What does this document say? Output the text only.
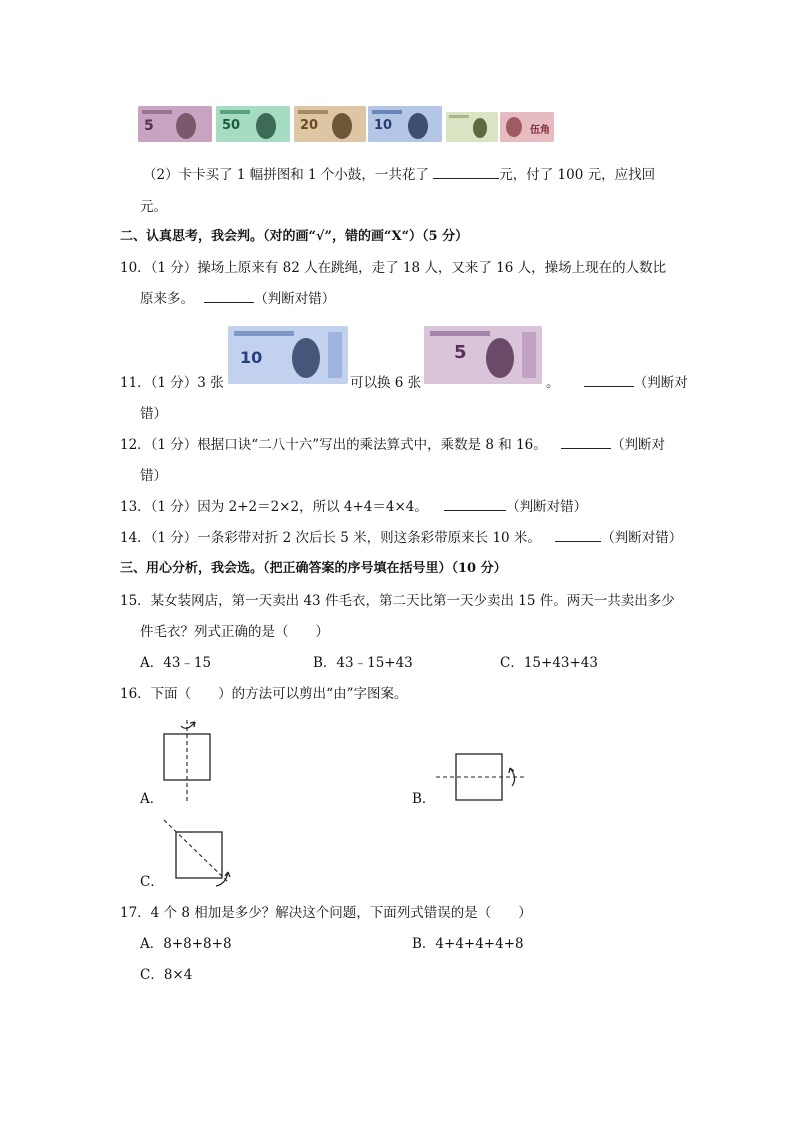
5	50	20	10	伍角
（2）卡卡买了 1 幅拼图和 1 个小鼓，一共花了	元，付了 100 元，应找回
元。
二、认真思考，我会判。（对的画“√”，错的画“X“）（5 分）
10．（1 分）操场上原来有 82 人在跳绳，走了 18 人，又来了 16 人，操场上现在的人数比
原来多。	（判断对错）
10	5
11．（1 分）3 张	可以换 6 张	。	（判断对
错）
12．（1 分）根据口诀“二八十六”写出的乘法算式中，乘数是 8 和 16。	（判断对
错）
13．（1 分）因为 2+2＝2×2，所以 4+4＝4×4。	（判断对错）
14．（1 分）一条彩带对折 2 次后长 5 米，则这条彩带原来长 10 米。	（判断对错）
三、用心分析，我会选。（把正确答案的序号填在括号里）（10 分）
15．某女装网店，第一天卖出 43 件毛衣，第二天比第一天少卖出 15 件。两天一共卖出多少
件毛衣？列式正确的是（　　）
A．43﹣15	B．43﹣15+43	C．15+43+43
16．下面（　　）的方法可以剪出“由”字图案。
A．	B．
C．
17．4 个 8 相加是多少？解决这个问题，下面列式错误的是（　　）
A．8+8+8+8	B．4+4+4+4+8
C．8×4
